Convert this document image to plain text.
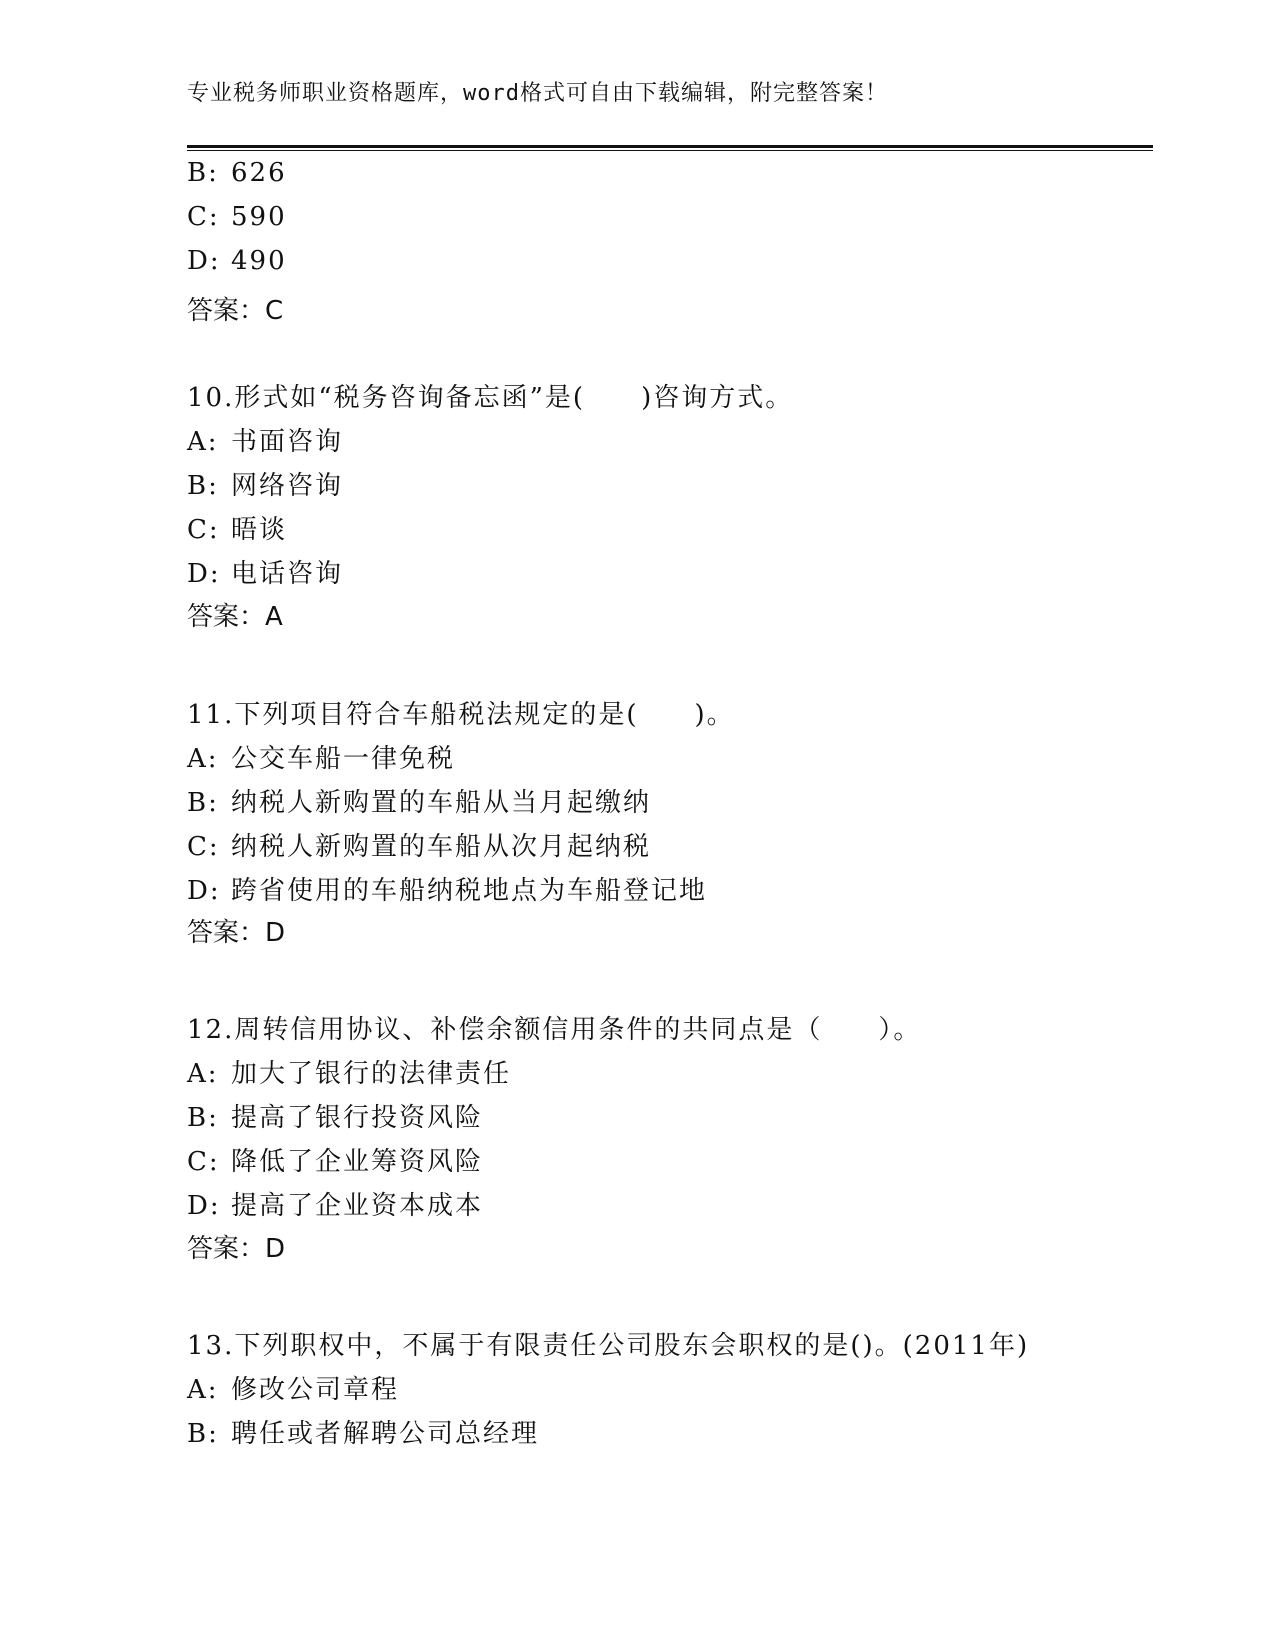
专业税务师职业资格题库，word格式可自由下载编辑，附完整答案！
B: 626
C: 590
D: 490
答案：C
10.形式如“税务咨询备忘函”是(　　)咨询方式。
A: 书面咨询
B: 网络咨询
C: 晤谈
D: 电话咨询
答案：A
11.下列项目符合车船税法规定的是(　　)。
A: 公交车船一律免税
B: 纳税人新购置的车船从当月起缴纳
C: 纳税人新购置的车船从次月起纳税
D: 跨省使用的车船纳税地点为车船登记地
答案：D
12.周转信用协议、补偿余额信用条件的共同点是（　　）。
A: 加大了银行的法律责任
B: 提高了银行投资风险
C: 降低了企业筹资风险
D: 提高了企业资本成本
答案：D
13.下列职权中，不属于有限责任公司股东会职权的是()。(2011年)
A: 修改公司章程
B: 聘任或者解聘公司总经理
